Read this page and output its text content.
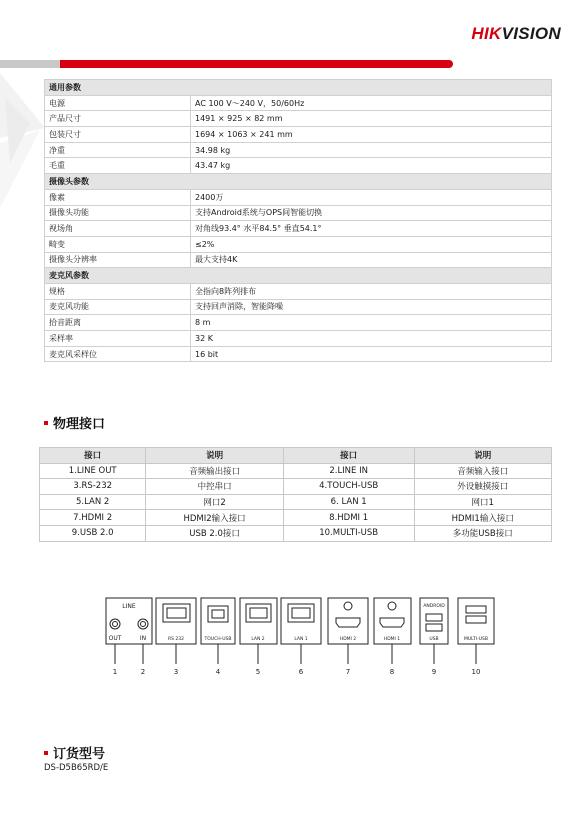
HIKVISION
通用参数	
电源	AC 100 V～240 V，50/60Hz
产品尺寸	1491 × 925 × 82 mm
包装尺寸	1694 × 1063 × 241 mm
净重	34.98 kg
毛重	43.47 kg
摄像头参数	
像素	2400万
摄像头功能	支持Android系统与OPS间智能切换
视场角	对角线93.4° 水平84.5° 垂直54.1°
畸变	≤2%
摄像头分辨率	最大支持4K
麦克风参数	
规格	全指向8阵列排布
麦克风功能	支持回声消除，智能降噪
拾音距离	8 m
采样率	32 K
麦克风采样位	16 bit
物理接口
接口	说明	接口	说明
1.LINE OUT	音频输出接口	2.LINE IN	音频输入接口
3.RS-232	中控串口	4.TOUCH-USB	外设触摸接口
5.LAN 2	网口2	6. LAN 1	网口1
7.HDMI 2	HDMI2输入接口	8.HDMI 1	HDMI1输入接口
9.USB 2.0	USB 2.0接口	10.MULTI-USB	多功能USB接口
LINE
OUT	IN
ANDROID
RS 232	TOUCH-USB	LAN 2	LAN 1	HDMI 2	HDMI 1	USB	MULTI-USB
1	2	3	4	5	6	7	8	9	10
订货型号
DS-D5B65RD/E
